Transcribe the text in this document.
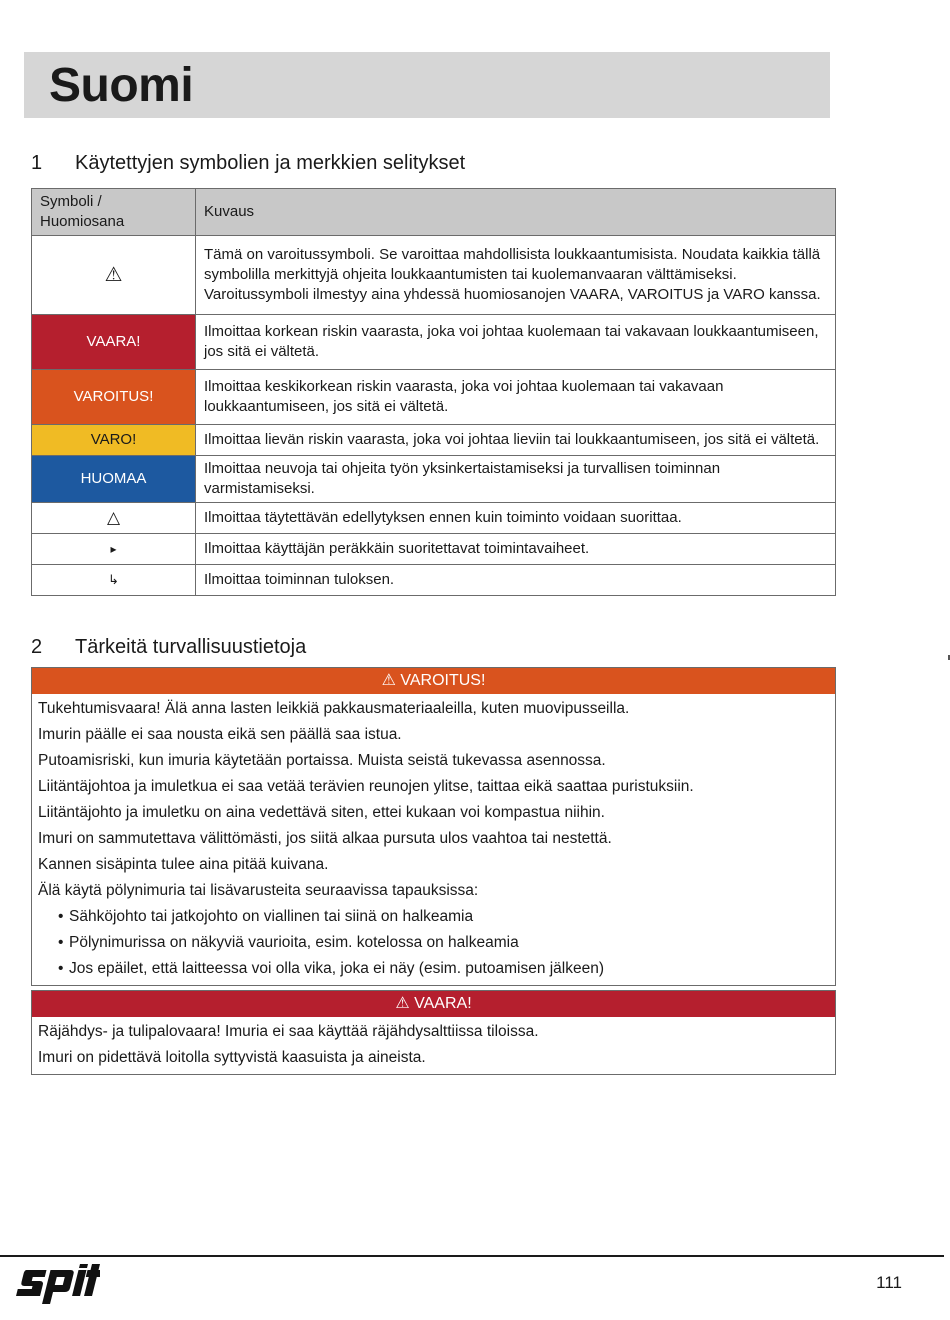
Suomi
1 Käytettyjen symbolien ja merkkien selitykset
Symboli / Huomiosana	Kuvaus
⚠	Tämä on varoitussymboli. Se varoittaa mahdollisista loukkaantumisista. Noudata kaikkia tällä symbolilla merkittyjä ohjeita loukkaantumisten tai kuolemanvaaran välttämiseksi. Varoitussymboli ilmestyy aina yhdessä huomiosanojen VAARA, VAROITUS ja VARO kanssa.
VAARA!	Ilmoittaa korkean riskin vaarasta, joka voi johtaa kuolemaan tai vakavaan loukkaantumiseen, jos sitä ei vältetä.
VAROITUS!	Ilmoittaa keskikorkean riskin vaarasta, joka voi johtaa kuolemaan tai vakavaan loukkaantumiseen, jos sitä ei vältetä.
VARO!	Ilmoittaa lievän riskin vaarasta, joka voi johtaa lieviin tai loukkaantumiseen, jos sitä ei vältetä.
HUOMAA	Ilmoittaa neuvoja tai ohjeita työn yksinkertaistamiseksi ja turvallisen toiminnan varmistamiseksi.
△	Ilmoittaa täytettävän edellytyksen ennen kuin toiminto voidaan suorittaa.
▸	Ilmoittaa käyttäjän peräkkäin suoritettavat toimintavaiheet.
↳	Ilmoittaa toiminnan tuloksen.
2 Tärkeitä turvallisuustietoja
⚠ VAROITUS!
Tukehtumisvaara! Älä anna lasten leikkiä pakkausmateriaaleilla, kuten muovipusseilla.
Imurin päälle ei saa nousta eikä sen päällä saa istua.
Putoamisriski, kun imuria käytetään portaissa. Muista seistä tukevassa asennossa.
Liitäntäjohtoa ja imuletkua ei saa vetää terävien reunojen ylitse, taittaa eikä saattaa puristuksiin.
Liitäntäjohto ja imuletku on aina vedettävä siten, ettei kukaan voi kompastua niihin.
Imuri on sammutettava välittömästi, jos siitä alkaa pursuta ulos vaahtoa tai nestettä.
Kannen sisäpinta tulee aina pitää kuivana.
Älä käytä pölynimuria tai lisävarusteita seuraavissa tapauksissa:
• Sähköjohto tai jatkojohto on viallinen tai siinä on halkeamia
• Pölynimurissa on näkyviä vaurioita, esim. kotelossa on halkeamia
• Jos epäilet, että laitteessa voi olla vika, joka ei näy (esim. putoamisen jälkeen)
⚠ VAARA!
Räjähdys- ja tulipalovaara! Imuria ei saa käyttää räjähdysalttiissa tiloissa.
Imuri on pidettävä loitolla syttyvistä kaasuista ja aineista.
111
